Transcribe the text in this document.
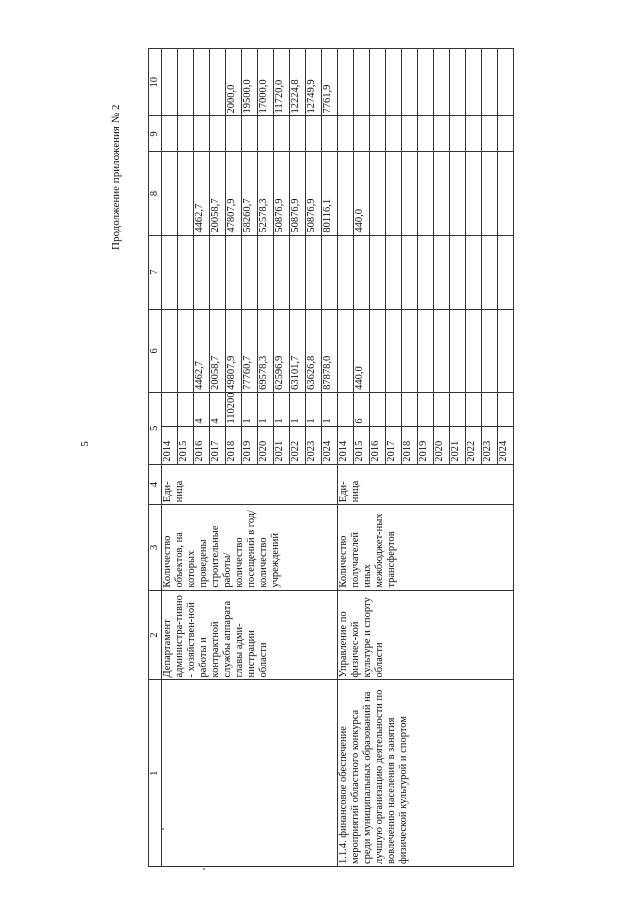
5
Продолжение приложения № 2
1	2	3	4	5		6	7	8	9	10
	Департамент администра-тивно - хозяйствен-ной работы и контрактной службы аппарата главы адми-нистрации области	Количество объектов, на которых проведены строительные работы/ количество посещений в год/ количество учреждений	Еди-ница	2014						
				2015						
				2016	4	4462,7		4462,7		
				2017	4	20058,7		20058,7		
				2018	110200	49807,9		47807,9		2000,0
				2019	1	77760,7		58260,7		19500,0
				2020	1	69578,3		52578,3		17000,0
				2021	1	62596,9		50876,9		11720,0
				2022	1	63101,7		50876,9		12224,8
				2023	1	63626,8		50876,9		12749,9
				2024	1	87878,0		80116,1		7761,9
1.1.4. финансовое обеспечение мероприятий областного конкурса среди муниципальных образований на лучшую организацию деятельности по вовлечению населения в занятия физической культурой и спортом	Управление по физичес-кой культуре и спорту области	Количество получателей иных межбюджет-ных трансфертов	Еди-ница	2014						
				2015	6	440,0		440,0		
				2016						
				2017						
				2018						
				2019						
				2020						
				2021						
				2022						
				2023						
				2024						
